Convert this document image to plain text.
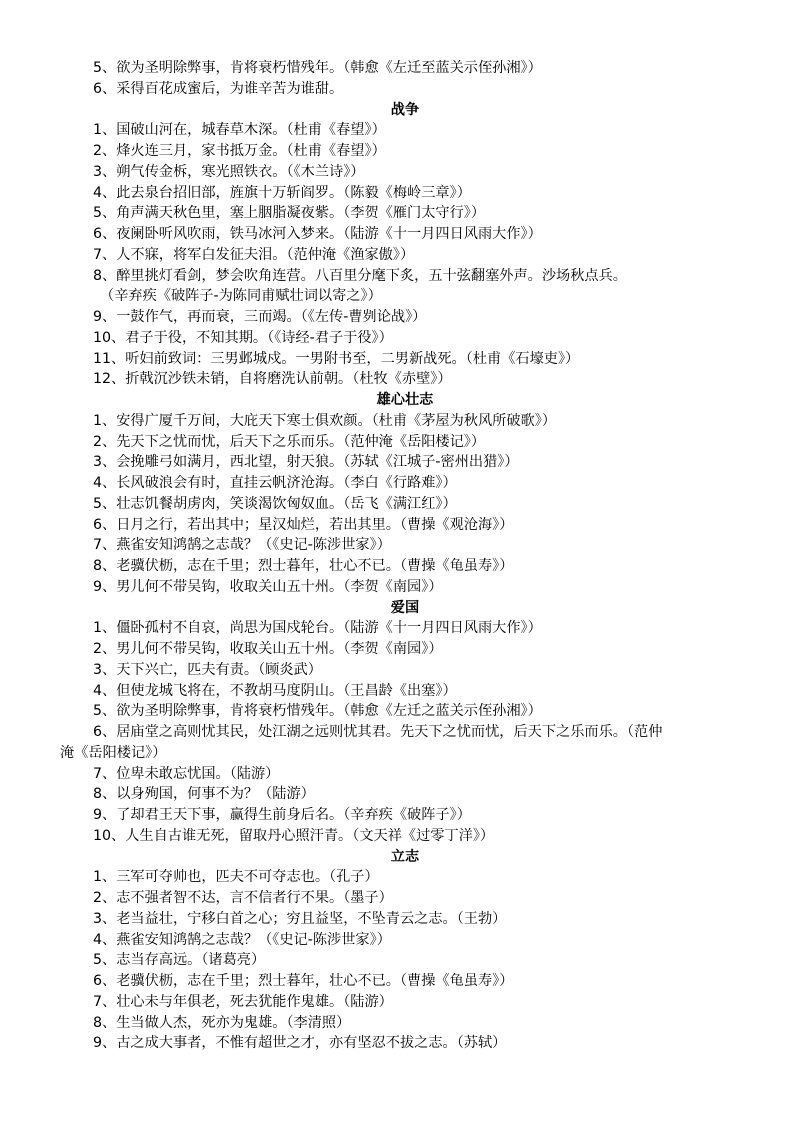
5、欲为圣明除弊事，肯将衰朽惜残年。（韩愈《左迁至蓝关示侄孙湘》）
6、采得百花成蜜后，为谁辛苦为谁甜。
战争
1、国破山河在，城春草木深。（杜甫《春望》）
2、烽火连三月，家书抵万金。（杜甫《春望》）
3、朔气传金柝，寒光照铁衣。（《木兰诗》）
4、此去泉台招旧部，旌旗十万斩阎罗。（陈毅《梅岭三章》）
5、角声满天秋色里，塞上胭脂凝夜紫。（李贺《雁门太守行》）
6、夜阑卧听风吹雨，铁马冰河入梦来。（陆游《十一月四日风雨大作》）
7、人不寐，将军白发征夫泪。（范仲淹《渔家傲》）
8、醉里挑灯看剑，梦会吹角连营。八百里分麾下炙，五十弦翻塞外声。沙场秋点兵。
（辛弃疾《破阵子-为陈同甫赋壮词以寄之》）
9、一鼓作气，再而衰，三而竭。（《左传-曹刿论战》）
10、君子于役，不知其期。（《诗经-君子于役》）
11、听妇前致词：三男邺城戍。一男附书至，二男新战死。（杜甫《石壕吏》）
12、折戟沉沙铁未销，自将磨洗认前朝。（杜牧《赤壁》）
雄心壮志
1、安得广厦千万间，大庇天下寒士俱欢颜。（杜甫《茅屋为秋风所破歌》）
2、先天下之忧而忧，后天下之乐而乐。（范仲淹《岳阳楼记》）
3、会挽雕弓如满月，西北望，射天狼。（苏轼《江城子-密州出猎》）
4、长风破浪会有时，直挂云帆济沧海。（李白《行路难》）
5、壮志饥餐胡虏肉，笑谈渴饮匈奴血。（岳飞《满江红》）
6、日月之行，若出其中；星汉灿烂，若出其里。（曹操《观沧海》）
7、燕雀安知鸿鹄之志哉？（《史记-陈涉世家》）
8、老骥伏枥，志在千里；烈士暮年，壮心不已。（曹操《龟虽寿》）
9、男儿何不带吴钩，收取关山五十州。（李贺《南园》）
爱国
1、僵卧孤村不自哀，尚思为国戍轮台。（陆游《十一月四日风雨大作》）
2、男儿何不带吴钩，收取关山五十州。（李贺《南园》）
3、天下兴亡，匹夫有责。（顾炎武）
4、但使龙城飞将在，不教胡马度阴山。（王昌龄《出塞》）
5、欲为圣明除弊事，肯将衰朽惜残年。（韩愈《左迁之蓝关示侄孙湘》）
6、居庙堂之高则忧其民，处江湖之远则忧其君。先天下之忧而忧，后天下之乐而乐。（范仲
淹《岳阳楼记》）
7、位卑未敢忘忧国。（陆游）
8、以身殉国，何事不为？（陆游）
9、了却君王天下事，赢得生前身后名。（辛弃疾《破阵子》）
10、人生自古谁无死，留取丹心照汗青。（文天祥《过零丁洋》）
立志
1、三军可夺帅也，匹夫不可夺志也。（孔子）
2、志不强者智不达，言不信者行不果。（墨子）
3、老当益壮，宁移白首之心；穷且益坚，不坠青云之志。（王勃）
4、燕雀安知鸿鹄之志哉？（《史记-陈涉世家》）
5、志当存高远。（诸葛亮）
6、老骥伏枥，志在千里；烈士暮年，壮心不已。（曹操《龟虽寿》）
7、壮心未与年俱老，死去犹能作鬼雄。（陆游）
8、生当做人杰，死亦为鬼雄。（李清照）
9、古之成大事者，不惟有超世之才，亦有坚忍不拔之志。（苏轼）
